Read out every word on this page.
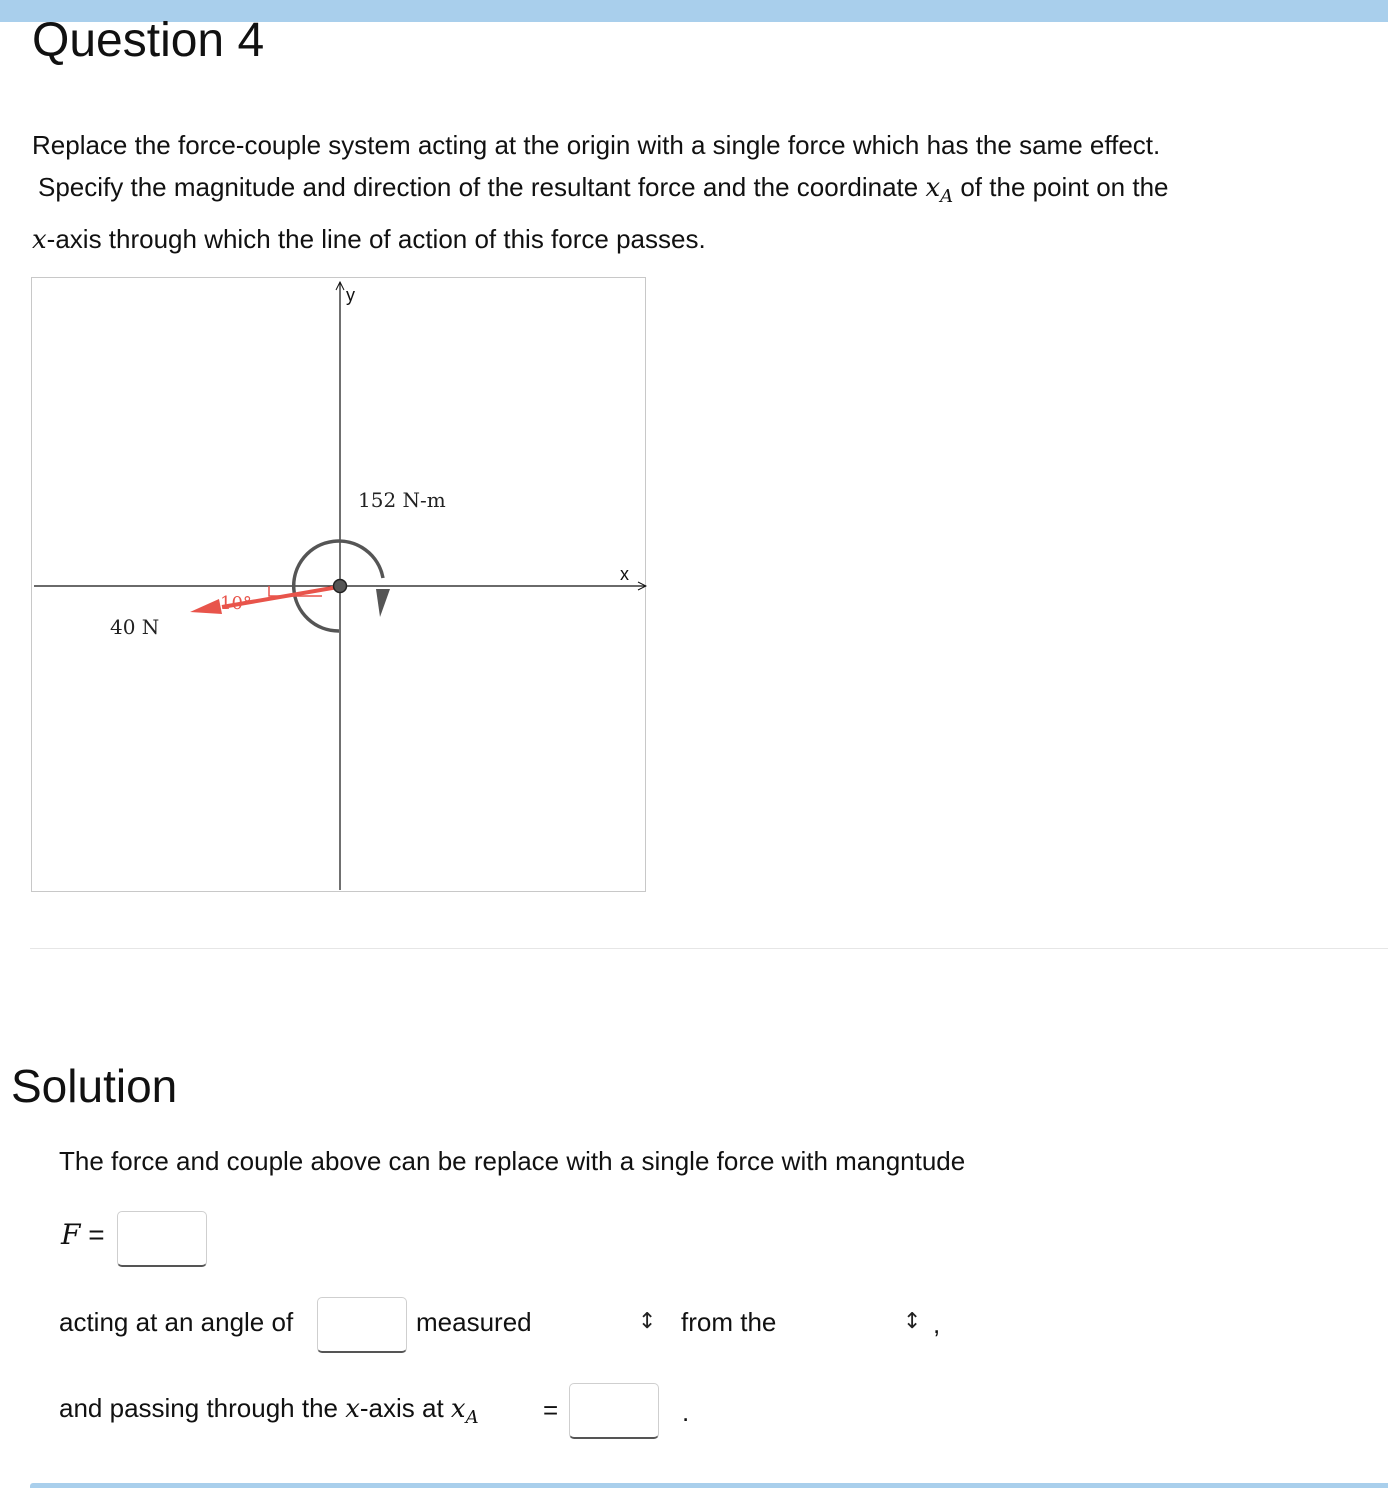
Question 4
Replace the force-couple system acting at the origin with a single force which has the same effect.
Specify the magnitude and direction of the resultant force and the coordinate $x_A$ of the point on the
x-axis through which the line of action of this force passes.
y
x
152 N-m
40 N
10°
Solution
The force and couple above can be replace with a single force with mangntude
F =
acting at an angle of	measured	↕ from the	↕ ,
and passing through the x-axis at $x_A$ =	.
